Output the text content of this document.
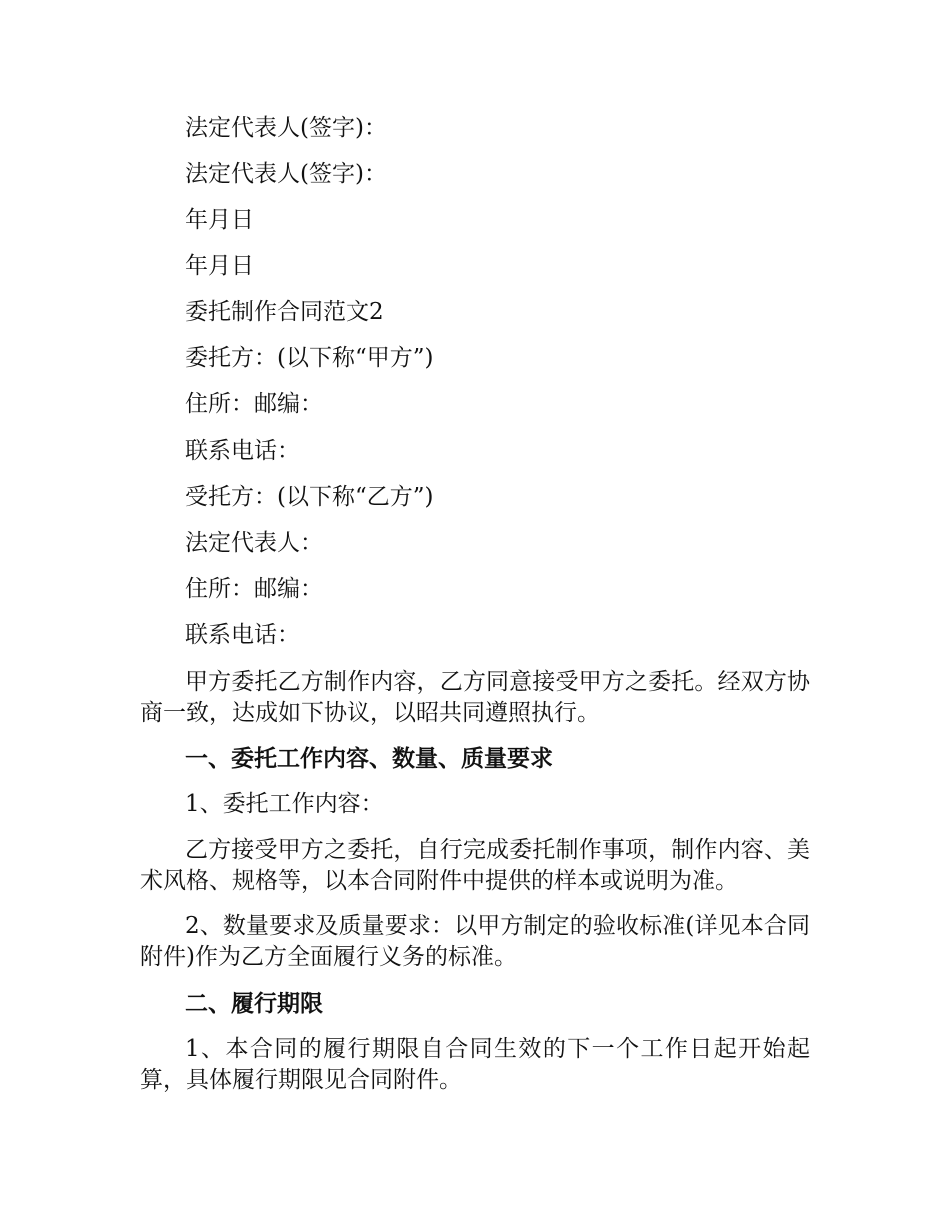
法定代表人(签字)：
法定代表人(签字)：
年月日
年月日
委托制作合同范文2
委托方：(以下称“甲方”)
住所：邮编：
联系电话：
受托方：(以下称“乙方”)
法定代表人：
住所：邮编：
联系电话：
甲方委托乙方制作内容，乙方同意接受甲方之委托。经双方协商一致，达成如下协议，以昭共同遵照执行。
一、委托工作内容、数量、质量要求
1、委托工作内容：
乙方接受甲方之委托，自行完成委托制作事项，制作内容、美术风格、规格等，以本合同附件中提供的样本或说明为准。
2、数量要求及质量要求：以甲方制定的验收标准(详见本合同附件)作为乙方全面履行义务的标准。
二、履行期限
1、本合同的履行期限自合同生效的下一个工作日起开始起算，具体履行期限见合同附件。
